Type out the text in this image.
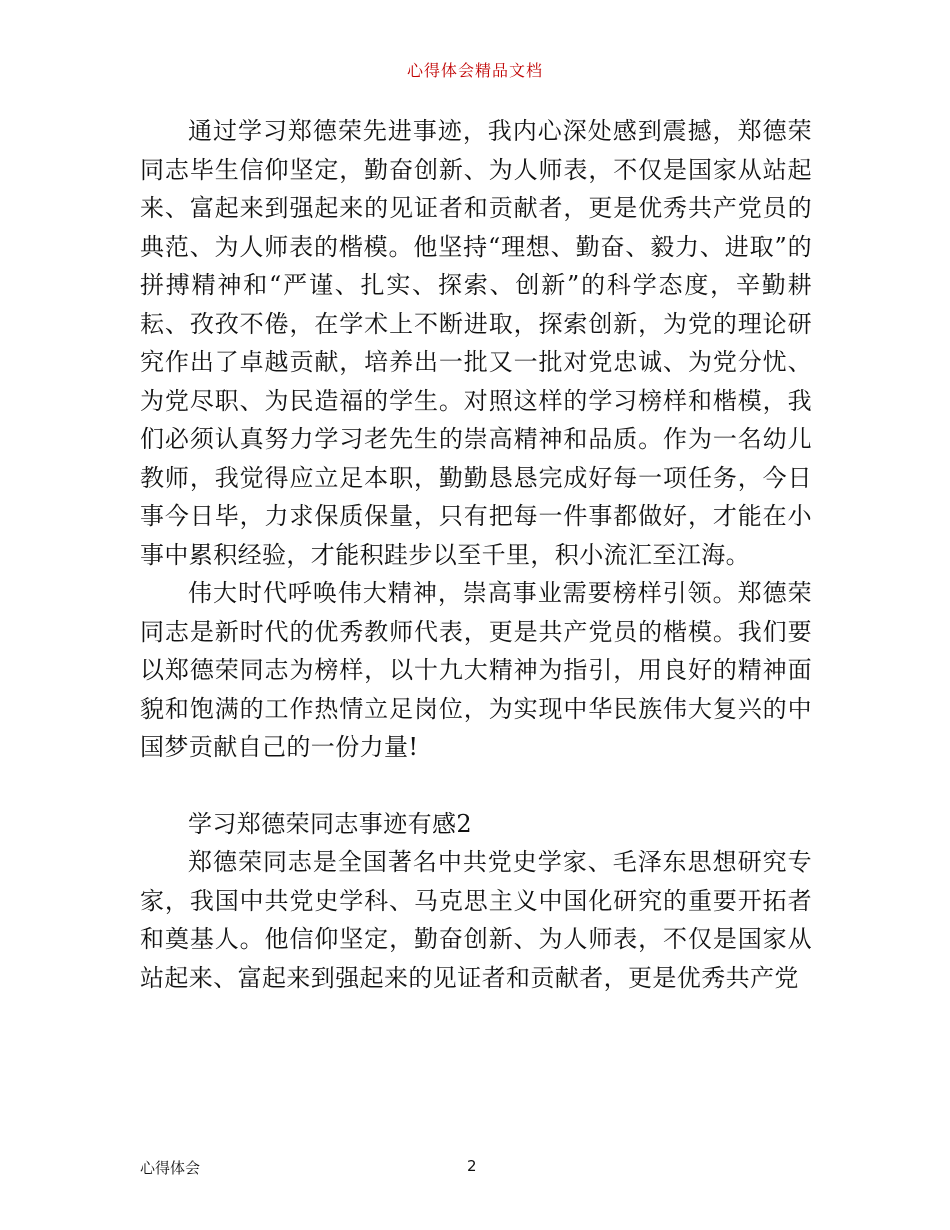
心得体会精品文档

通过学习郑德荣先进事迹，我内心深处感到震撼，郑德荣同志毕生信仰坚定，勤奋创新、为人师表，不仅是国家从站起来、富起来到强起来的见证者和贡献者，更是优秀共产党员的典范、为人师表的楷模。他坚持“理想、勤奋、毅力、进取”的拼搏精神和“严谨、扎实、探索、创新”的科学态度，辛勤耕耘、孜孜不倦，在学术上不断进取，探索创新，为党的理论研究作出了卓越贡献，培养出一批又一批对党忠诚、为党分忧、为党尽职、为民造福的学生。对照这样的学习榜样和楷模，我们必须认真努力学习老先生的崇高精神和品质。作为一名幼儿教师，我觉得应立足本职，勤勤恳恳完成好每一项任务，今日事今日毕，力求保质保量，只有把每一件事都做好，才能在小事中累积经验，才能积跬步以至千里，积小流汇至江海。

伟大时代呼唤伟大精神，崇高事业需要榜样引领。郑德荣同志是新时代的优秀教师代表，更是共产党员的楷模。我们要以郑德荣同志为榜样，以十九大精神为指引，用良好的精神面貌和饱满的工作热情立足岗位，为实现中华民族伟大复兴的中国梦贡献自己的一份力量!

学习郑德荣同志事迹有感2

郑德荣同志是全国著名中共党史学家、毛泽东思想研究专家，我国中共党史学科、马克思主义中国化研究的重要开拓者和奠基人。他信仰坚定，勤奋创新、为人师表，不仅是国家从站起来、富起来到强起来的见证者和贡献者，更是优秀共产党

心得体会	2
